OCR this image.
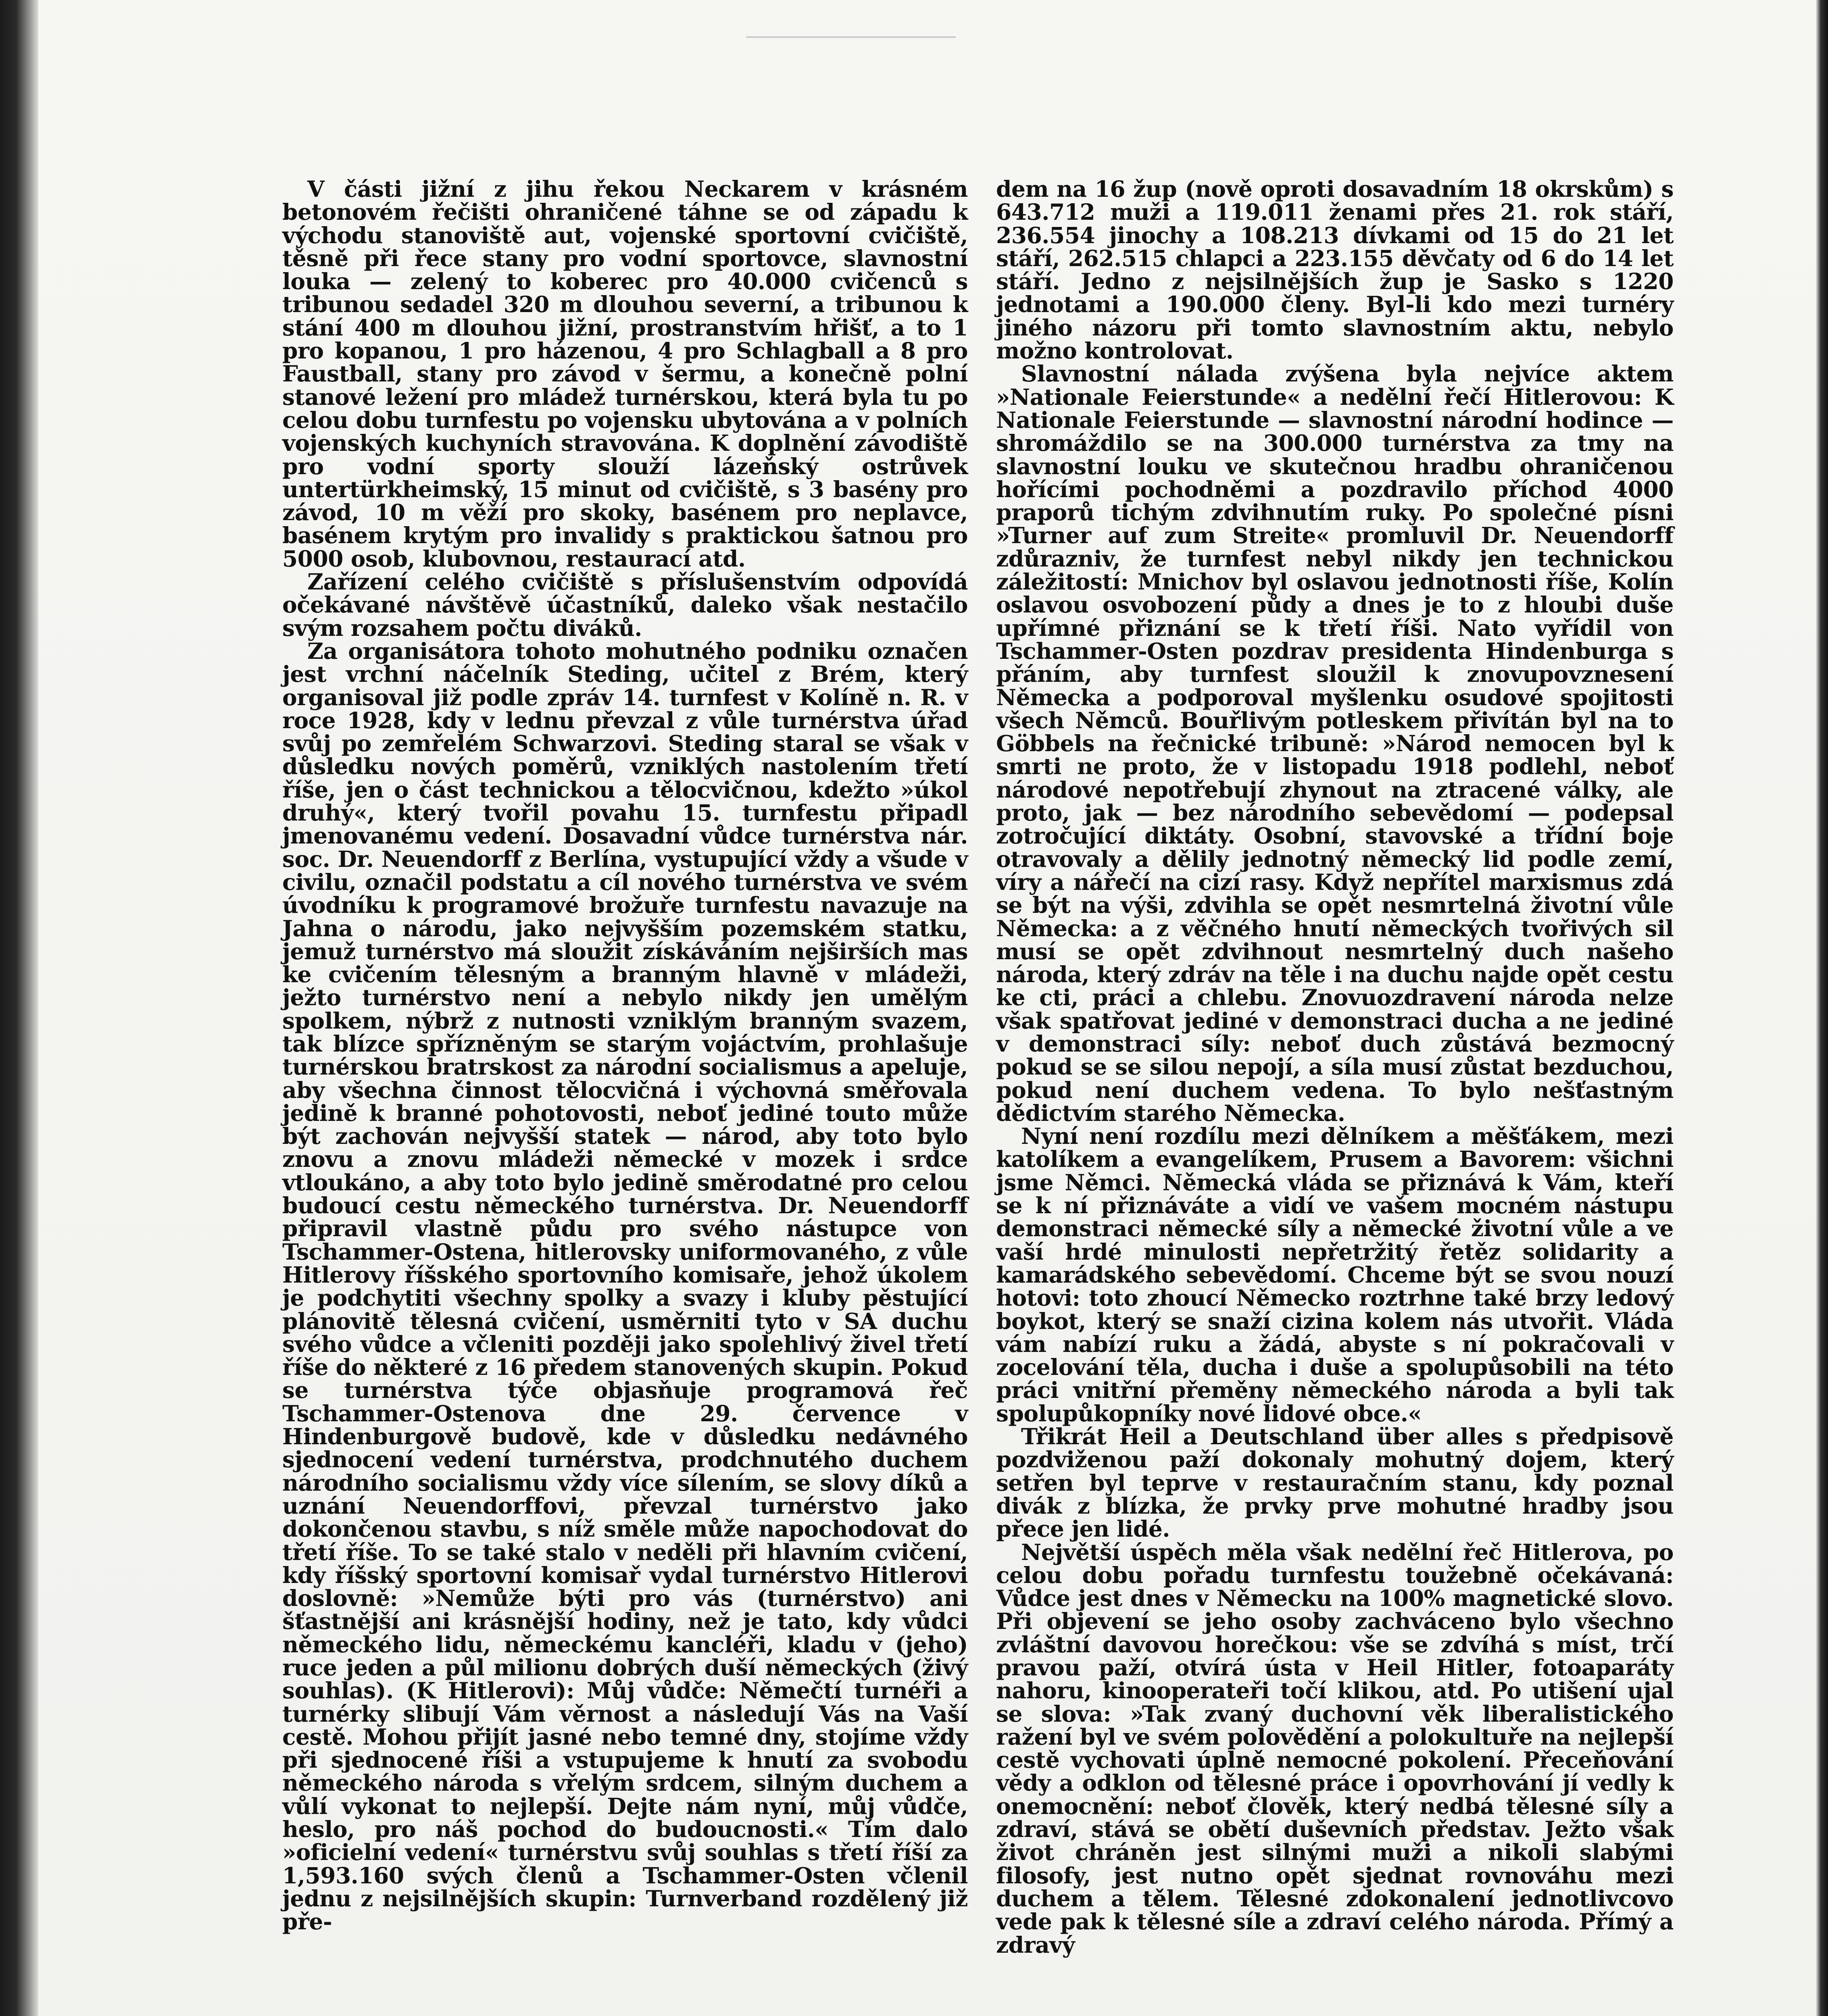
V části jižní z jihu řekou Neckarem v krásném betonovém řečišti ohraničené táhne se od západu k východu stanoviště aut, vojenské sportovní cvičiště, těsně při řece stany pro vodní sportovce, slavnostní louka — zelený to koberec pro 40.000 cvičenců s tribunou sedadel 320 m dlouhou severní, a tribunou k stání 400 m dlouhou jižní, prostranstvím hřišť, a to 1 pro kopanou, 1 pro házenou, 4 pro Schlagball a 8 pro Faustball, stany pro závod v šermu, a konečně polní stanové ležení pro mládež turnérskou, která byla tu po celou dobu turnfestu po vojensku ubytována a v polních vojenských kuchyních stravována. K doplnění závodiště pro vodní sporty slouží lázeňský ostrůvek untertürkheimský, 15 minut od cvičiště, s 3 basény pro závod, 10 m věží pro skoky, basénem pro neplavce, basénem krytým pro invalidy s praktickou šatnou pro 5000 osob, klubovnou, restaurací atd.

Zařízení celého cvičiště s příslušenstvím odpovídá očekávané návštěvě účastníků, daleko však nestačilo svým rozsahem počtu diváků.

Za organisátora tohoto mohutného podniku označen jest vrchní náčelník Steding, učitel z Brém, který organisoval již podle zpráv 14. turnfest v Kolíně n. R. v roce 1928, kdy v lednu převzal z vůle turnérstva úřad svůj po zemřelém Schwarzovi. Steding staral se však v důsledku nových poměrů, vzniklých nastolením třetí říše, jen o část technickou a tělocvičnou, kdežto »úkol druhý«, který tvořil povahu 15. turnfestu připadl jmenovanému vedení. Dosavadní vůdce turnérstva nár. soc. Dr. Neuendorff z Berlína, vystupující vždy a všude v civilu, označil podstatu a cíl nového turnérstva ve svém úvodníku k programové brožuře turnfestu navazuje na Jahna o národu, jako nejvyšším pozemském statku, jemuž turnérstvo má sloužit získáváním nejširších mas ke cvičením tělesným a branným hlavně v mládeži, ježto turnérstvo není a nebylo nikdy jen umělým spolkem, nýbrž z nutnosti vzniklým branným svazem, tak blízce spřízněným se starým vojáctvím, prohlašuje turnérskou bratrskost za národní socialismus a apeluje, aby všechna činnost tělocvičná i výchovná směřovala jedině k branné pohotovosti, neboť jediné touto může být zachován nejvyšší statek — národ, aby toto bylo znovu a znovu mládeži německé v mozek i srdce vtloukáno, a aby toto bylo jedině směrodatné pro celou budoucí cestu německého turnérstva. Dr. Neuendorff připravil vlastně půdu pro svého nástupce von Tschammer-Ostena, hitlerovsky uniformovaného, z vůle Hitlerovy říšského sportovního komisaře, jehož úkolem je podchytiti všechny spolky a svazy i kluby pěstující plánovitě tělesná cvičení, usměrniti tyto v SA duchu svého vůdce a včleniti později jako spolehlivý živel třetí říše do některé z 16 předem stanovených skupin. Pokud se turnérstva týče objasňuje programová řeč Tschammer-Ostenova dne 29. července v Hindenburgově budově, kde v důsledku nedávného sjednocení vedení turnérstva, prodchnutého duchem národního socialismu vždy více sílením, se slovy díků a uznání Neuendorffovi, převzal turnérstvo jako dokončenou stavbu, s níž směle může napochodovat do třetí říše. To se také stalo v neděli při hlavním cvičení, kdy říšský sportovní komisař vydal turnérstvo Hitlerovi doslovně: »Nemůže býti pro vás (turnérstvo) ani šťastnější ani krásnější hodiny, než je tato, kdy vůdci německého lidu, německému kancléři, kladu v (jeho) ruce jeden a půl milionu dobrých duší německých (živý souhlas). (K Hitlerovi): Můj vůdče: Němečtí turnéři a turnérky slibují Vám věrnost a následují Vás na Vaší cestě. Mohou přijít jasné nebo temné dny, stojíme vždy při sjednocené říši a vstupujeme k hnutí za svobodu německého národa s vřelým srdcem, silným duchem a vůlí vykonat to nejlepší. Dejte nám nyní, můj vůdče, heslo, pro náš pochod do budoucnosti.« Tím dalo »oficielní vedení« turnérstvu svůj souhlas s třetí říší za 1,593.160 svých členů a Tschammer-Osten včlenil jednu z nejsilnějších skupin: Turnverband rozdělený již pře-

dem na 16 žup (nově oproti dosavadním 18 okrskům) s 643.712 muži a 119.011 ženami přes 21. rok stáří, 236.554 jinochy a 108.213 dívkami od 15 do 21 let stáří, 262.515 chlapci a 223.155 děvčaty od 6 do 14 let stáří. Jedno z nejsilnějších žup je Sasko s 1220 jednotami a 190.000 členy. Byl-li kdo mezi turnéry jiného názoru při tomto slavnostním aktu, nebylo možno kontrolovat.

Slavnostní nálada zvýšena byla nejvíce aktem »Nationale Feierstunde« a nedělní řečí Hitlerovou: K Nationale Feierstunde — slavnostní národní hodince — shromáždilo se na 300.000 turnérstva za tmy na slavnostní louku ve skutečnou hradbu ohraničenou hořícími pochodněmi a pozdravilo příchod 4000 praporů tichým zdvihnutím ruky. Po společné písni »Turner auf zum Streite« promluvil Dr. Neuendorff zdůrazniv, že turnfest nebyl nikdy jen technickou záležitostí: Mnichov byl oslavou jednotnosti říše, Kolín oslavou osvobození půdy a dnes je to z hloubi duše upřímné přiznání se k třetí říši. Nato vyřídil von Tschammer-Osten pozdrav presidenta Hindenburga s přáním, aby turnfest sloužil k znovupovznesení Německa a podporoval myšlenku osudové spojitosti všech Němců. Bouřlivým potleskem přivítán byl na to Göbbels na řečnické tribuně: »Národ nemocen byl k smrti ne proto, že v listopadu 1918 podlehl, neboť národové nepotřebují zhynout na ztracené války, ale proto, jak — bez národního sebevědomí — podepsal zotročující diktáty. Osobní, stavovské a třídní boje otravovaly a dělily jednotný německý lid podle zemí, víry a nářečí na cizí rasy. Když nepřítel marxismus zdá se být na výši, zdvihla se opět nesmrtelná životní vůle Německa: a z věčného hnutí německých tvořivých sil musí se opět zdvihnout nesmrtelný duch našeho národa, který zdráv na těle i na duchu najde opět cestu ke cti, práci a chlebu. Znovuozdravení národa nelze však spatřovat jediné v demonstraci ducha a ne jediné v demonstraci síly: neboť duch zůstává bezmocný pokud se se silou nepojí, a síla musí zůstat bezduchou, pokud není duchem vedena. To bylo nešťastným dědictvím starého Německa.

Nyní není rozdílu mezi dělníkem a měšťákem, mezi katolíkem a evangelíkem, Prusem a Bavorem: všichni jsme Němci. Německá vláda se přiznává k Vám, kteří se k ní přiznáváte a vidí ve vašem mocném nástupu demonstraci německé síly a německé životní vůle a ve vaší hrdé minulosti nepřetržitý řetěz solidarity a kamarádského sebevědomí. Chceme být se svou nouzí hotovi: toto zhoucí Německo roztrhne také brzy ledový boykot, který se snaží cizina kolem nás utvořit. Vláda vám nabízí ruku a žádá, abyste s ní pokračovali v zocelování těla, ducha i duše a spolupůsobili na této práci vnitřní přeměny německého národa a byli tak spolupůkopníky nové lidové obce.«

Třikrát Heil a Deutschland über alles s předpisově pozdviženou paží dokonaly mohutný dojem, který setřen byl teprve v restauračním stanu, kdy poznal divák z blízka, že prvky prve mohutné hradby jsou přece jen lidé.

Největší úspěch měla však nedělní řeč Hitlerova, po celou dobu pořadu turnfestu toužebně očekávaná: Vůdce jest dnes v Německu na 100% magnetické slovo. Při objevení se jeho osoby zachváceno bylo všechno zvláštní davovou horečkou: vše se zdvíhá s míst, trčí pravou paží, otvírá ústa v Heil Hitler, fotoaparáty nahoru, kinooperateři točí klikou, atd. Po utišení ujal se slova: »Tak zvaný duchovní věk liberalistického ražení byl ve svém polovědění a polokultuře na nejlepší cestě vychovati úplně nemocné pokolení. Přeceňování vědy a odklon od tělesné práce i opovrhování jí vedly k onemocnění: neboť člověk, který nedbá tělesné síly a zdraví, stává se obětí duševních představ. Ježto však život chráněn jest silnými muži a nikoli slabými filosofy, jest nutno opět sjednat rovnováhu mezi duchem a tělem. Tělesné zdokonalení jednotlivcovo vede pak k tělesné síle a zdraví celého národa. Přímý a zdravý
